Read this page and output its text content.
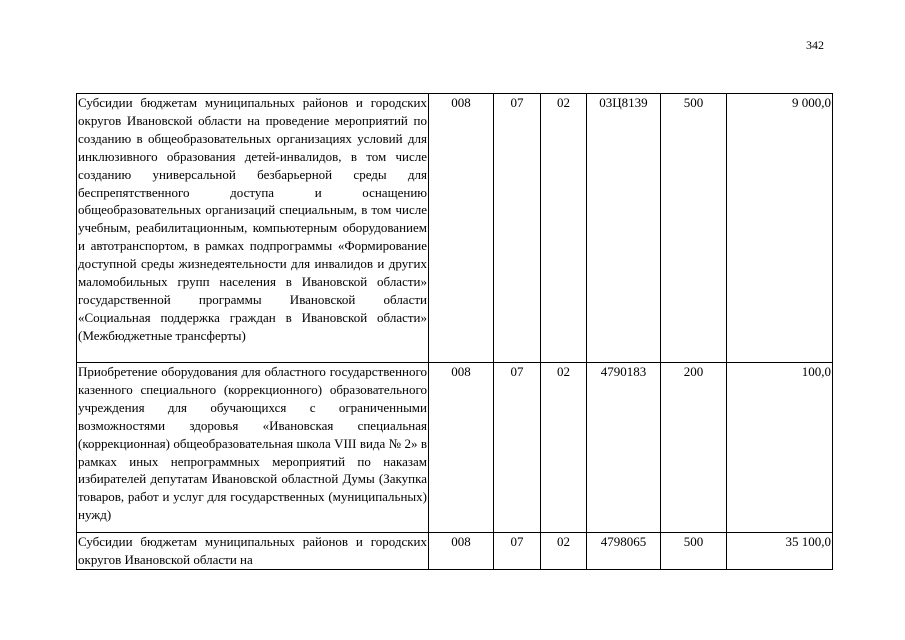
342
Субсидии бюджетам муниципальных районов и городских округов Ивановской области на проведение мероприятий по созданию в общеобразовательных организациях условий для инклюзивного образования детей-инвалидов, в том числе созданию универсальной безбарьерной среды для беспрепятственного доступа и оснащению общеобразовательных организаций специальным, в том числе учебным, реабилитационным, компьютерным оборудованием и автотранспортом, в рамках подпрограммы «Формирование доступной среды жизнедеятельности для инвалидов и других маломобильных групп населения в Ивановской области» государственной программы Ивановской области «Социальная поддержка граждан в Ивановской области» (Межбюджетные трансферты)	008	07	02	03Ц8139	500	9 000,0
Приобретение оборудования для областного государственного казенного специального (коррекционного) образовательного учреждения для обучающихся с ограниченными возможностями здоровья «Ивановская специальная (коррекционная) общеобразовательная школа VIII вида № 2» в рамках иных непрограммных мероприятий по наказам избирателей депутатам Ивановской областной Думы (Закупка товаров, работ и услуг для государственных (муниципальных) нужд)	008	07	02	4790183	200	100,0
Субсидии бюджетам муниципальных районов и городских округов Ивановской области на	008	07	02	4798065	500	35 100,0
